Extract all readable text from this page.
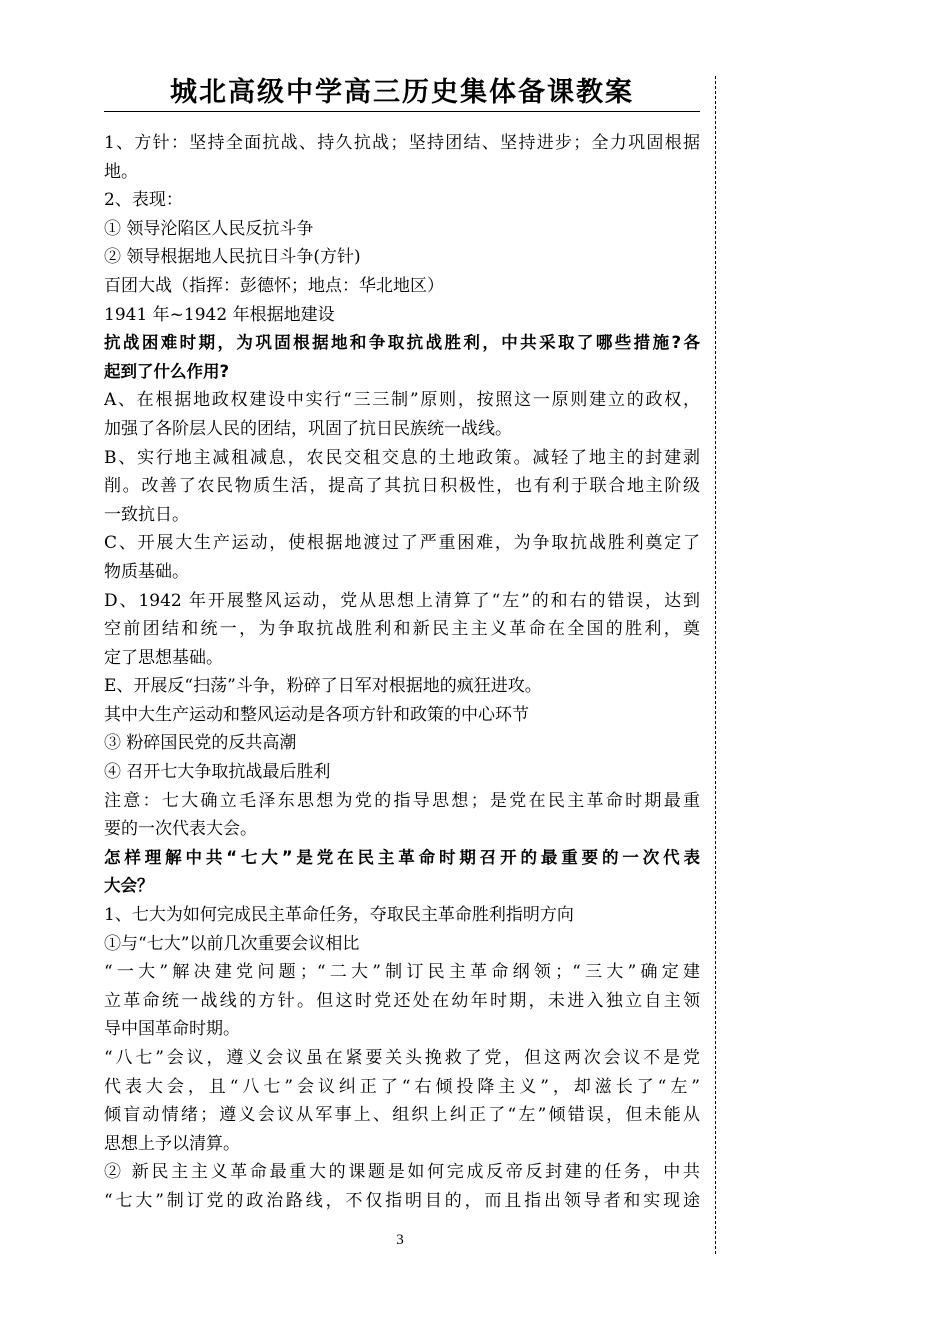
城北高级中学高三历史集体备课教案
1、方针：坚持全面抗战、持久抗战；坚持团结、坚持进步；全力巩固根据
地。
2、表现：
① 领导沦陷区人民反抗斗争
② 领导根据地人民抗日斗争(方针)
百团大战（指挥：彭德怀；地点：华北地区）
1941 年~1942 年根据地建设
抗战困难时期，为巩固根据地和争取抗战胜利，中共采取了哪些措施?各
起到了什么作用?
A、在根据地政权建设中实行“三三制”原则，按照这一原则建立的政权，
加强了各阶层人民的团结，巩固了抗日民族统一战线。
B、实行地主减租减息，农民交租交息的土地政策。减轻了地主的封建剥
削。改善了农民物质生活，提高了其抗日积极性，也有利于联合地主阶级
一致抗日。
C、开展大生产运动，使根据地渡过了严重困难，为争取抗战胜利奠定了
物质基础。
D、1942 年开展整风运动，党从思想上清算了“左”的和右的错误，达到
空前团结和统一，为争取抗战胜利和新民主主义革命在全国的胜利，奠
定了思想基础。
E、开展反“扫荡”斗争，粉碎了日军对根据地的疯狂进攻。
其中大生产运动和整风运动是各项方针和政策的中心环节
③ 粉碎国民党的反共高潮
④ 召开七大争取抗战最后胜利
注意：七大确立毛泽东思想为党的指导思想；是党在民主革命时期最重
要的一次代表大会。
怎样理解中共“七大”是党在民主革命时期召开的最重要的一次代表
大会？
1、七大为如何完成民主革命任务，夺取民主革命胜利指明方向
①与“七大”以前几次重要会议相比
“一大”解决建党问题；“二大”制订民主革命纲领；“三大”确定建
立革命统一战线的方针。但这时党还处在幼年时期，未进入独立自主领
导中国革命时期。
“八七”会议，遵义会议虽在紧要关头挽救了党，但这两次会议不是党
代表大会，且“八七”会议纠正了“右倾投降主义”，却滋长了“左”
倾盲动情绪；遵义会议从军事上、组织上纠正了“左”倾错误，但未能从
思想上予以清算。
② 新民主主义革命最重大的课题是如何完成反帝反封建的任务，中共
“七大”制订党的政治路线，不仅指明目的，而且指出领导者和实现途
3
